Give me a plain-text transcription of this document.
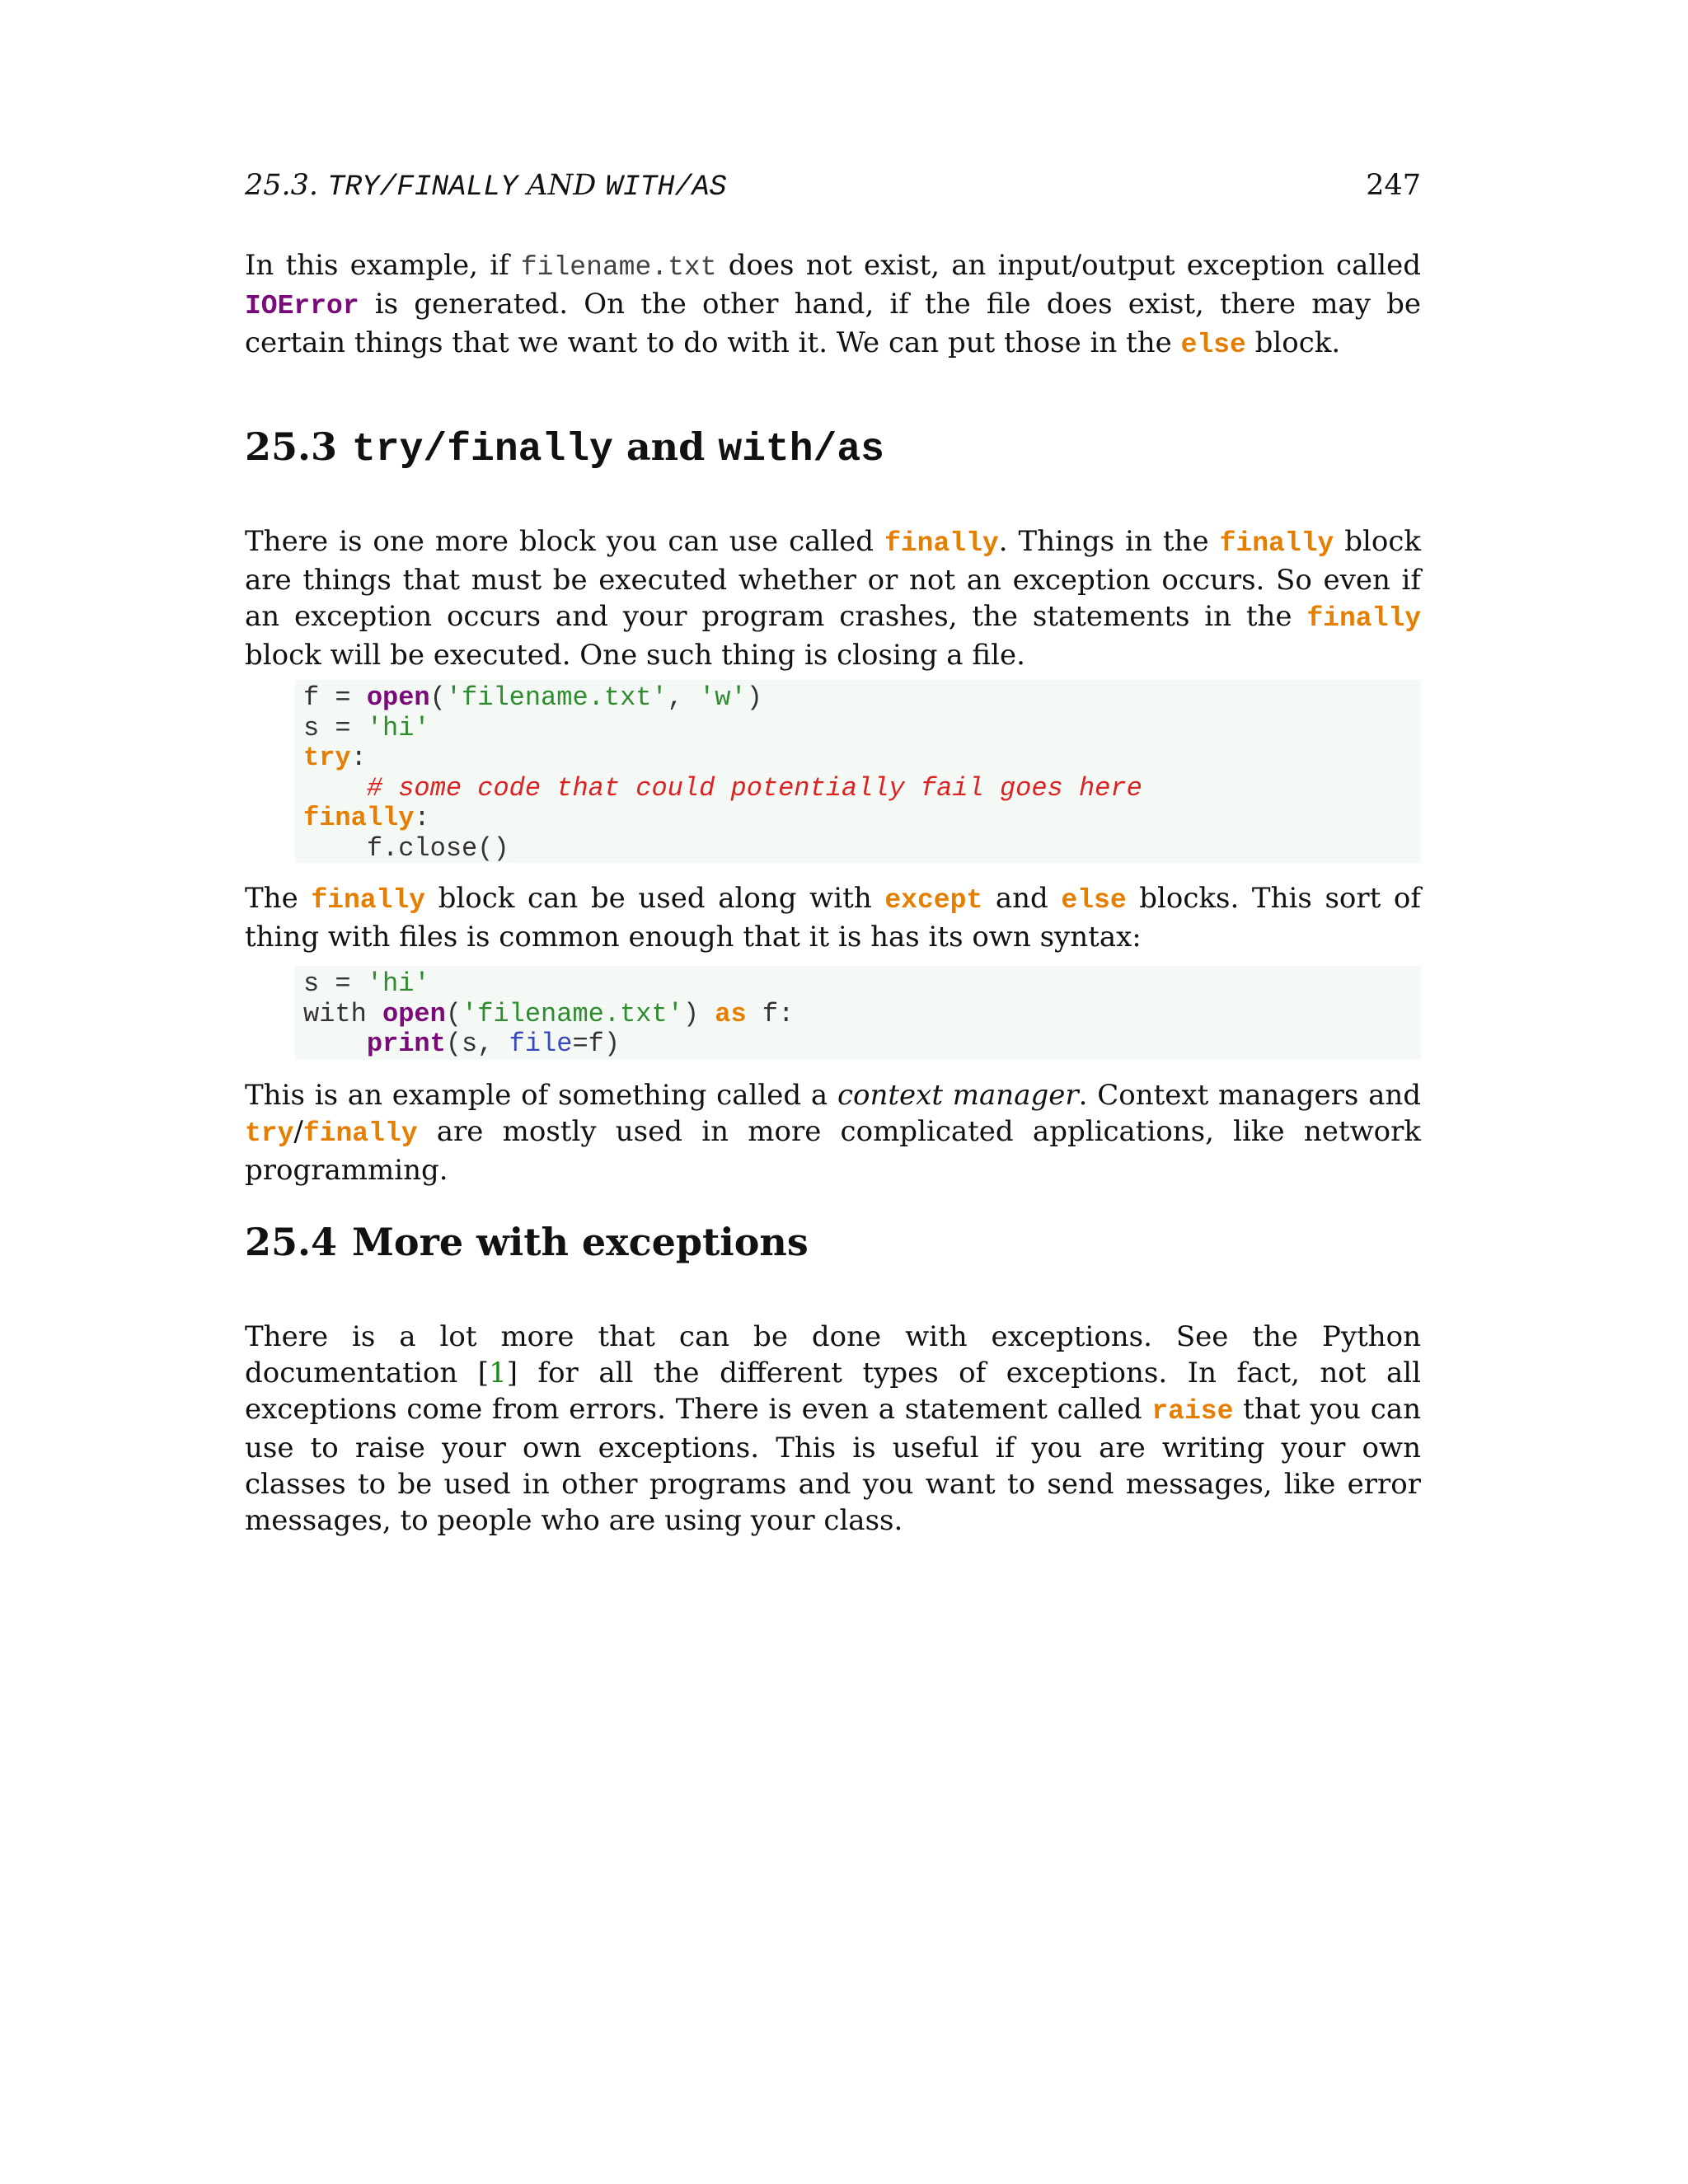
25.3. TRY/FINALLY AND WITH/AS	247

In this example, if filename.txt does not exist, an input/output exception called IOError is generated. On the other hand, if the file does exist, there may be certain things that we want to do with it. We can put those in the else block.

25.3 try/finally and with/as

There is one more block you can use called finally. Things in the finally block are things that must be executed whether or not an exception occurs. So even if an exception occurs and your program crashes, the statements in the finally block will be executed. One such thing is closing a file.

f = open('filename.txt', 'w')
s = 'hi'
try:
# some code that could potentially fail goes here
finally:
f.close()

The finally block can be used along with except and else blocks. This sort of thing with files is common enough that it is has its own syntax:

s = 'hi'
with open('filename.txt') as f:
print(s, file=f)

This is an example of something called a context manager. Context managers and try/finally are mostly used in more complicated applications, like network programming.

25.4 More with exceptions

There is a lot more that can be done with exceptions. See the Python documentation [1] for all the different types of exceptions. In fact, not all exceptions come from errors. There is even a statement called raise that you can use to raise your own exceptions. This is useful if you are writing your own classes to be used in other programs and you want to send messages, like error messages, to people who are using your class.
